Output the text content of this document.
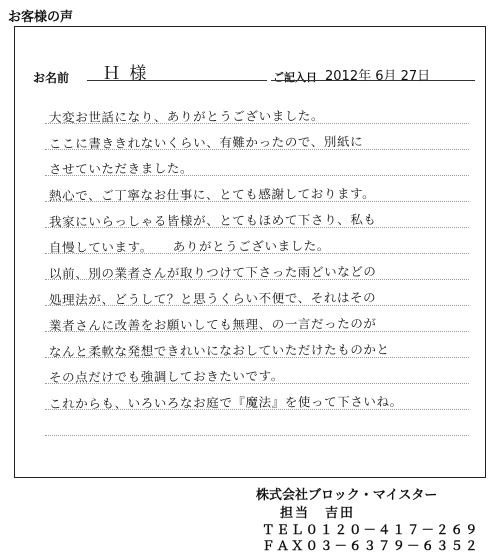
お客様の声
お名前 Ｈ 様	ご記入日 2012年 6月 27日
大変お世話になり、ありがとうございました。
ここに書ききれないくらい、有難かったので、別紙に
させていただきました。
熱心で、ご丁寧なお仕事に、とても感謝しております。
我家にいらっしゃる皆様が、とてもほめて下さり、私も
自慢しています。　　ありがとうございました。
以前、別の業者さんが取りつけて下さった雨どいなどの
処理法が、どうして？と思うくらい不便で、それはその
業者さんに改善をお願いしても無理、の一言だったのが
なんと柔軟な発想できれいになおしていただけたものかと
その点だけでも強調しておきたいです。
これからも、いろいろなお庭で『魔法』を使って下さいね。
株式会社ブロック・マイスター
担当　吉田
ＴＥＬ０１２０－４１７－２６９
ＦＡＸ０３－６３７９－６３５２
